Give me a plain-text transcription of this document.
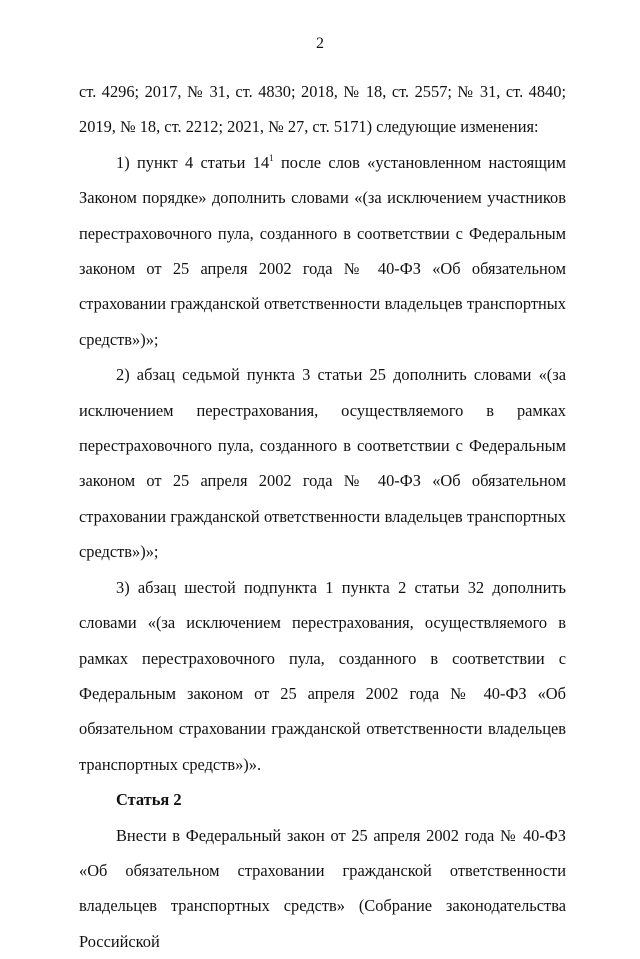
2

ст. 4296; 2017, № 31, ст. 4830; 2018, № 18, ст. 2557; № 31, ст. 4840; 2019, № 18, ст. 2212; 2021, № 27, ст. 5171) следующие изменения:

1) пункт 4 статьи $14^1$ после слов «установленном настоящим Законом порядке» дополнить словами «(за исключением участников перестраховочного пула, созданного в соответствии с Федеральным законом от 25 апреля 2002 года № 40-ФЗ «Об обязательном страховании гражданской ответственности владельцев транспортных средств»)»;

2) абзац седьмой пункта 3 статьи 25 дополнить словами «(за исключением перестрахования, осуществляемого в рамках перестраховочного пула, созданного в соответствии с Федеральным законом от 25 апреля 2002 года № 40-ФЗ «Об обязательном страховании гражданской ответственности владельцев транспортных средств»)»;

3) абзац шестой подпункта 1 пункта 2 статьи 32 дополнить словами «(за исключением перестрахования, осуществляемого в рамках перестраховочного пула, созданного в соответствии с Федеральным законом от 25 апреля 2002 года № 40-ФЗ «Об обязательном страховании гражданской ответственности владельцев транспортных средств»)».

Статья 2

Внести в Федеральный закон от 25 апреля 2002 года № 40-ФЗ «Об обязательном страховании гражданской ответственности владельцев транспортных средств» (Собрание законодательства Российской
